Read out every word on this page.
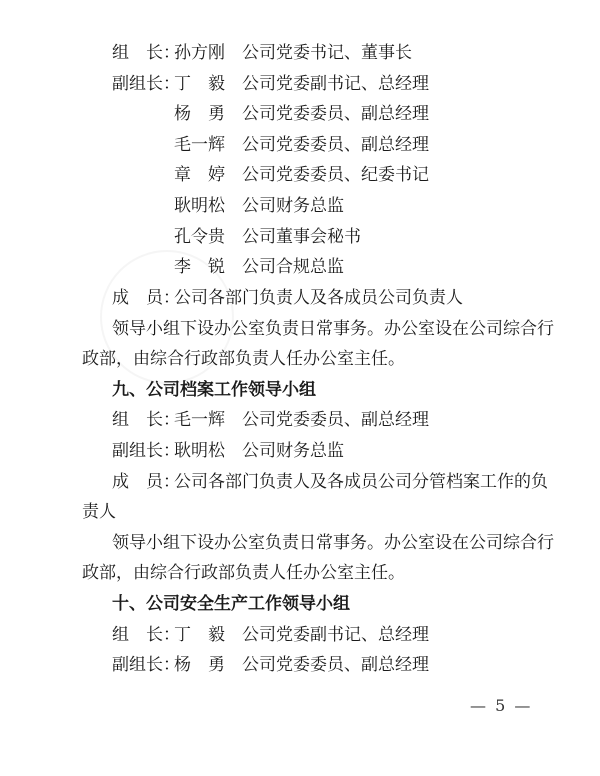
组　长：
孙方刚 公司党委书记、董事长
副组长：
丁　毅 公司党委副书记、总经理
杨　勇 公司党委委员、副总经理
毛一辉 公司党委委员、副总经理
章　婷 公司党委委员、纪委书记
耿明松 公司财务总监
孔令贵 公司董事会秘书
李　锐 公司合规总监
成　员：
公司各部门负责人及各成员公司负责人
领导小组下设办公室负责日常事务。办公室设在公司综合行
政部，由综合行政部负责人任办公室主任。
九、公司档案工作领导小组
组　长：
毛一辉 公司党委委员、副总经理
副组长：
耿明松 公司财务总监
成　员：
公司各部门负责人及各成员公司分管档案工作的负
责人
领导小组下设办公室负责日常事务。办公室设在公司综合行
政部，由综合行政部负责人任办公室主任。
十、公司安全生产工作领导小组
组　长：
丁　毅 公司党委副书记、总经理
副组长：
杨　勇 公司党委委员、副总经理
— 5 —
